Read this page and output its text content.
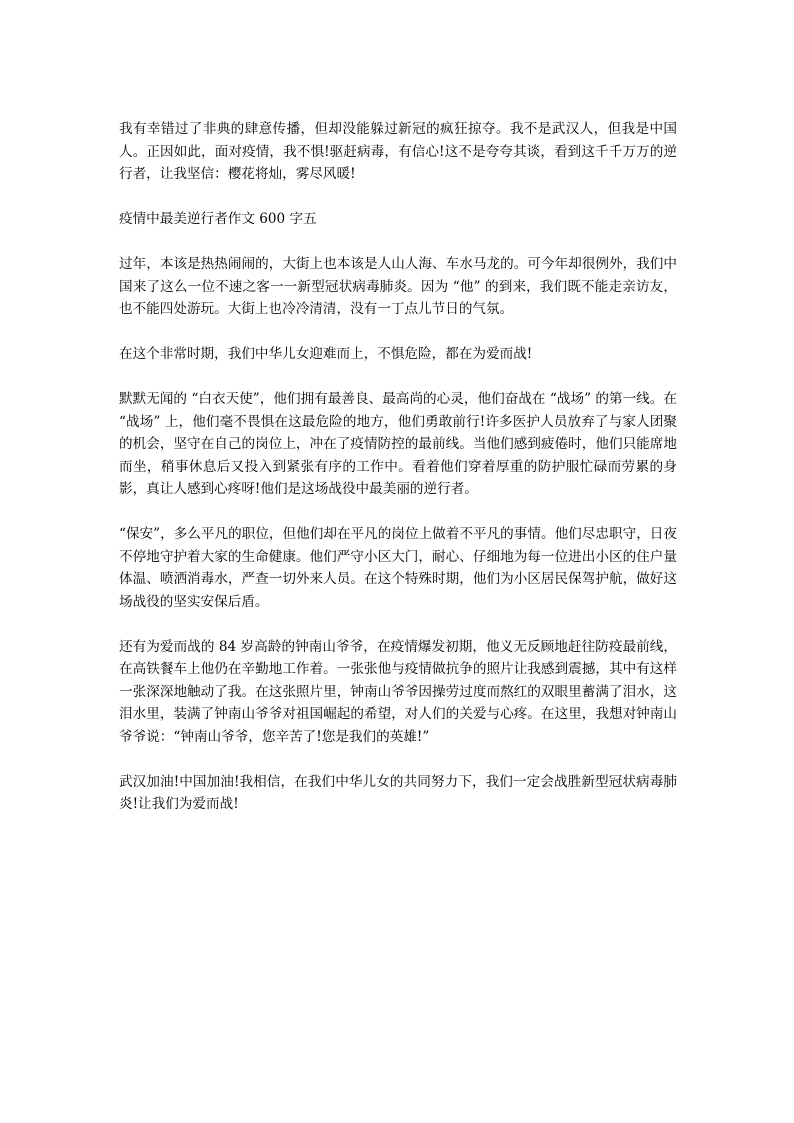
我有幸错过了非典的肆意传播，但却没能躲过新冠的疯狂掠夺。我不是武汉人，但我是中国人。正因如此，面对疫情，我不惧!驱赶病毒，有信心!这不是夸夸其谈，看到这千千万万的逆行者，让我坚信：樱花将灿，雾尽风暖!

疫情中最美逆行者作文 600 字五

过年，本该是热热闹闹的，大街上也本该是人山人海、车水马龙的。可今年却很例外，我们中国来了这么一位不速之客一一新型冠状病毒肺炎。因为 “他” 的到来，我们既不能走亲访友，也不能四处游玩。大街上也冷冷清清，没有一丁点儿节日的气氛。

在这个非常时期，我们中华儿女迎难而上，不惧危险，都在为爱而战!

默默无闻的 “白衣天使”，他们拥有最善良、最高尚的心灵，他们奋战在 “战场” 的第一线。在 “战场” 上，他们毫不畏惧在这最危险的地方，他们勇敢前行!许多医护人员放弃了与家人团聚的机会，坚守在自己的岗位上，冲在了疫情防控的最前线。当他们感到疲倦时，他们只能席地而坐，稍事休息后又投入到紧张有序的工作中。看着他们穿着厚重的防护服忙碌而劳累的身影，真让人感到心疼呀!他们是这场战役中最美丽的逆行者。

“保安”，多么平凡的职位，但他们却在平凡的岗位上做着不平凡的事情。他们尽忠职守，日夜不停地守护着大家的生命健康。他们严守小区大门，耐心、仔细地为每一位进出小区的住户量体温、喷洒消毒水，严查一切外来人员。在这个特殊时期，他们为小区居民保驾护航，做好这场战役的坚实安保后盾。

还有为爱而战的 84 岁高龄的钟南山爷爷，在疫情爆发初期，他义无反顾地赶往防疫最前线，在高铁餐车上他仍在辛勤地工作着。一张张他与疫情做抗争的照片让我感到震撼，其中有这样一张深深地触动了我。在这张照片里，钟南山爷爷因操劳过度而熬红的双眼里蓄满了泪水，这泪水里，装满了钟南山爷爷对祖国崛起的希望，对人们的关爱与心疼。在这里，我想对钟南山爷爷说：“钟南山爷爷，您辛苦了!您是我们的英雄!”

武汉加油!中国加油!我相信，在我们中华儿女的共同努力下，我们一定会战胜新型冠状病毒肺炎!让我们为爱而战!
